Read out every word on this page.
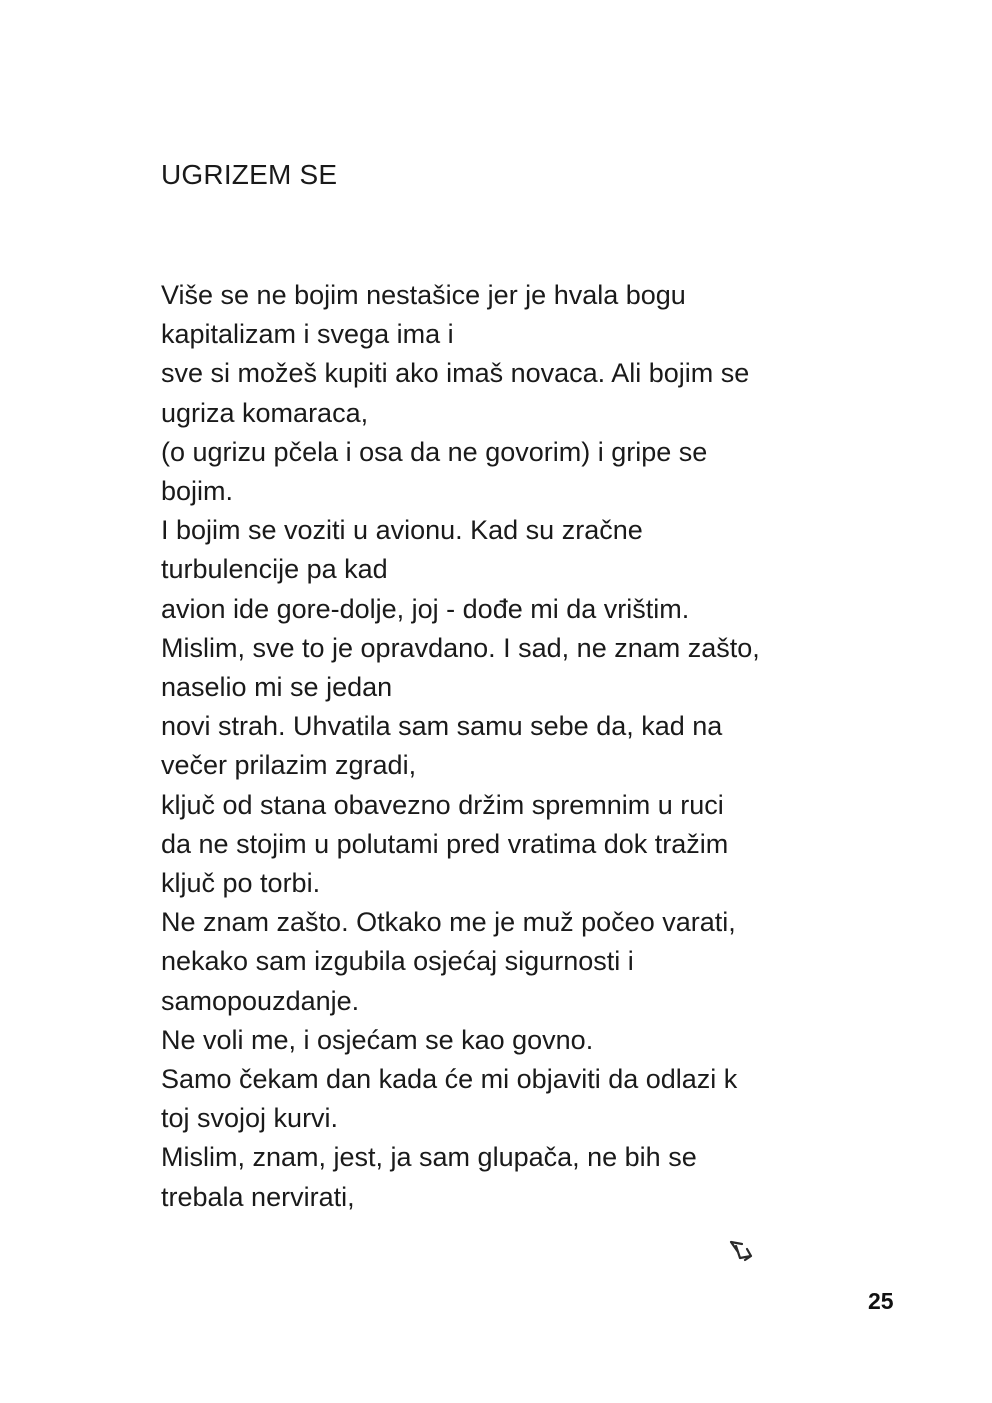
UGRIZEM SE
Više se ne bojim nestašice jer je hvala bogu
kapitalizam i svega ima i
sve si možeš kupiti ako imaš novaca. Ali bojim se
ugriza komaraca,
(o ugrizu pčela i osa da ne govorim) i gripe se
bojim.
I bojim se voziti u avionu. Kad su zračne
turbulencije pa kad
avion ide gore-dolje, joj - dođe mi da vrištim.
Mislim, sve to je opravdano. I sad, ne znam zašto,
naselio mi se jedan
novi strah. Uhvatila sam samu sebe da, kad na
večer prilazim zgradi,
ključ od stana obavezno držim spremnim u ruci
da ne stojim u polutami pred vratima dok tražim
ključ po torbi.
Ne znam zašto. Otkako me je muž počeo varati,
nekako sam izgubila osjećaj sigurnosti i
samopouzdanje.
Ne voli me, i osjećam se kao govno.
Samo čekam dan kada će mi objaviti da odlazi k
toj svojoj kurvi.
Mislim, znam, jest, ja sam glupača, ne bih se
trebala nervirati,
25
